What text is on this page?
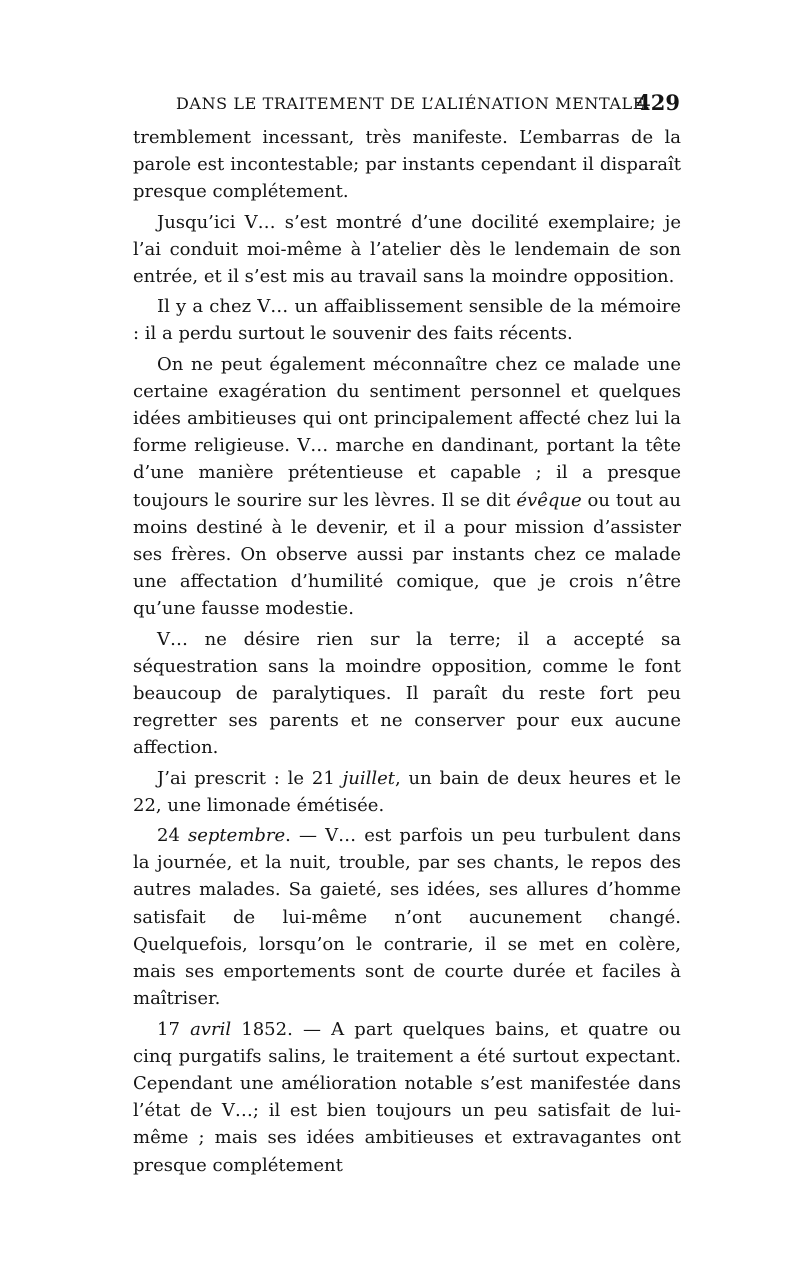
DANS LE TRAITEMENT DE L’ALIÉNATION MENTALE.
429

tremblement incessant, très manifeste. L’embarras de la parole est incontestable; par instants cependant il disparaît presque complétement.

Jusqu’ici V… s’est montré d’une docilité exemplaire; je l’ai conduit moi-même à l’atelier dès le lendemain de son entrée, et il s’est mis au travail sans la moindre opposition.

Il y a chez V… un affaiblissement sensible de la mémoire : il a perdu surtout le souvenir des faits récents.

On ne peut également méconnaître chez ce malade une certaine exagération du sentiment personnel et quelques idées ambitieuses qui ont principalement affecté chez lui la forme religieuse. V… marche en dandinant, portant la tête d’une manière prétentieuse et capable ; il a presque toujours le sourire sur les lèvres. Il se dit évêque ou tout au moins destiné à le devenir, et il a pour mission d’assister ses frères. On observe aussi par instants chez ce malade une affectation d’humilité comique, que je crois n’être qu’une fausse modestie.

V… ne désire rien sur la terre; il a accepté sa séquestration sans la moindre opposition, comme le font beaucoup de paralytiques. Il paraît du reste fort peu regretter ses parents et ne conserver pour eux aucune affection.

J’ai prescrit : le 21 juillet, un bain de deux heures et le 22, une limonade émétisée.

24 septembre. — V… est parfois un peu turbulent dans la journée, et la nuit, trouble, par ses chants, le repos des autres malades. Sa gaieté, ses idées, ses allures d’homme satisfait de lui-même n’ont aucunement changé. Quelquefois, lorsqu’on le contrarie, il se met en colère, mais ses emportements sont de courte durée et faciles à maîtriser.

17 avril 1852. — A part quelques bains, et quatre ou cinq purgatifs salins, le traitement a été surtout expectant. Cependant une amélioration notable s’est manifestée dans l’état de V…; il est bien toujours un peu satisfait de lui-même ; mais ses idées ambitieuses et extravagantes ont presque complétement
